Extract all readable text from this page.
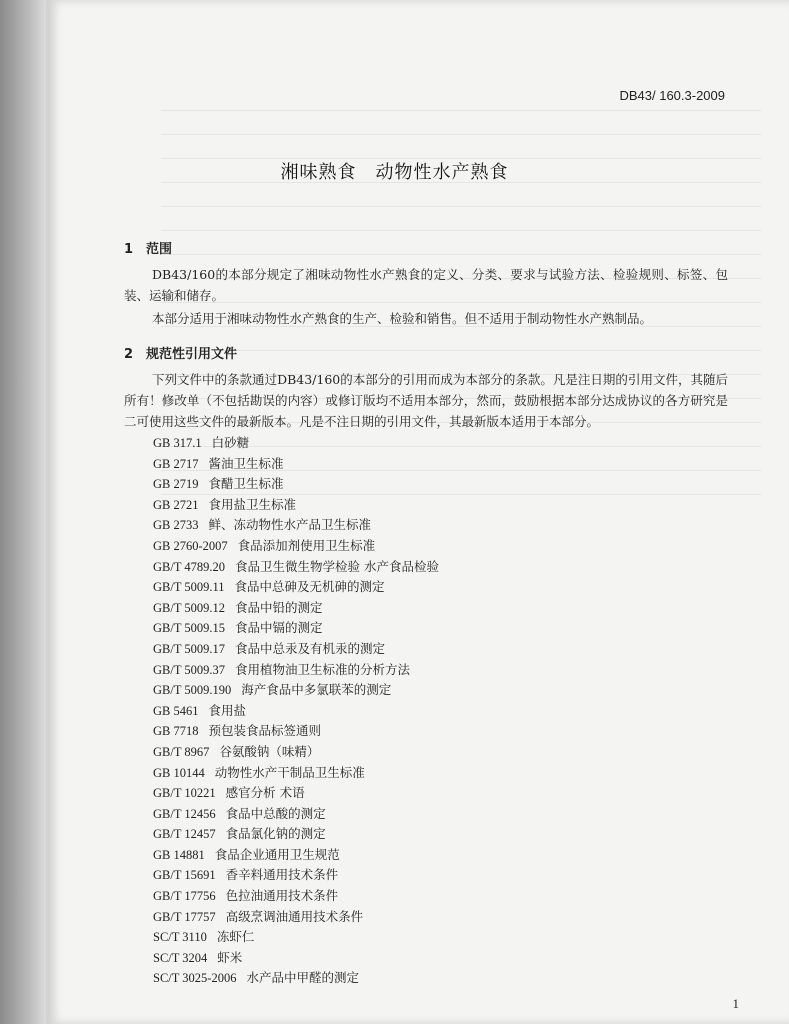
DB43/ 160.3-2009
湘味熟食　动物性水产熟食
1 范围
DB43/160的本部分规定了湘味动物性水产熟食的定义、分类、要求与试验方法、检验规则、标签、包装、运输和储存。
本部分适用于湘味动物性水产熟食的生产、检验和销售。但不适用于制动物性水产熟制品。
2 规范性引用文件
下列文件中的条款通过DB43/160的本部分的引用而成为本部分的条款。凡是注日期的引用文件，其随后所有！修改单（不包括勘误的内容）或修订版均不适用本部分，然而，鼓励根据本部分达成协议的各方研究是二可使用这些文件的最新版本。凡是不注日期的引用文件，其最新版本适用于本部分。
GB 317.1 白砂糖
GB 2717 酱油卫生标准
GB 2719 食醋卫生标准
GB 2721 食用盐卫生标准
GB 2733 鲜、冻动物性水产品卫生标准
GB 2760-2007 食品添加剂使用卫生标准
GB/T 4789.20 食品卫生微生物学检验 水产食品检验
GB/T 5009.11 食品中总砷及无机砷的测定
GB/T 5009.12 食品中铅的测定
GB/T 5009.15 食品中镉的测定
GB/T 5009.17 食品中总汞及有机汞的测定
GB/T 5009.37 食用植物油卫生标准的分析方法
GB/T 5009.190 海产食品中多氯联苯的测定
GB 5461 食用盐
GB 7718 预包装食品标签通则
GB/T 8967 谷氨酸钠（味精）
GB 10144 动物性水产干制品卫生标准
GB/T 10221 感官分析 术语
GB/T 12456 食品中总酸的测定
GB/T 12457 食品氯化钠的测定
GB 14881 食品企业通用卫生规范
GB/T 15691 香辛料通用技术条件
GB/T 17756 色拉油通用技术条件
GB/T 17757 高级烹调油通用技术条件
SC/T 3110 冻虾仁
SC/T 3204 虾米
SC/T 3025-2006 水产品中甲醛的测定
1
